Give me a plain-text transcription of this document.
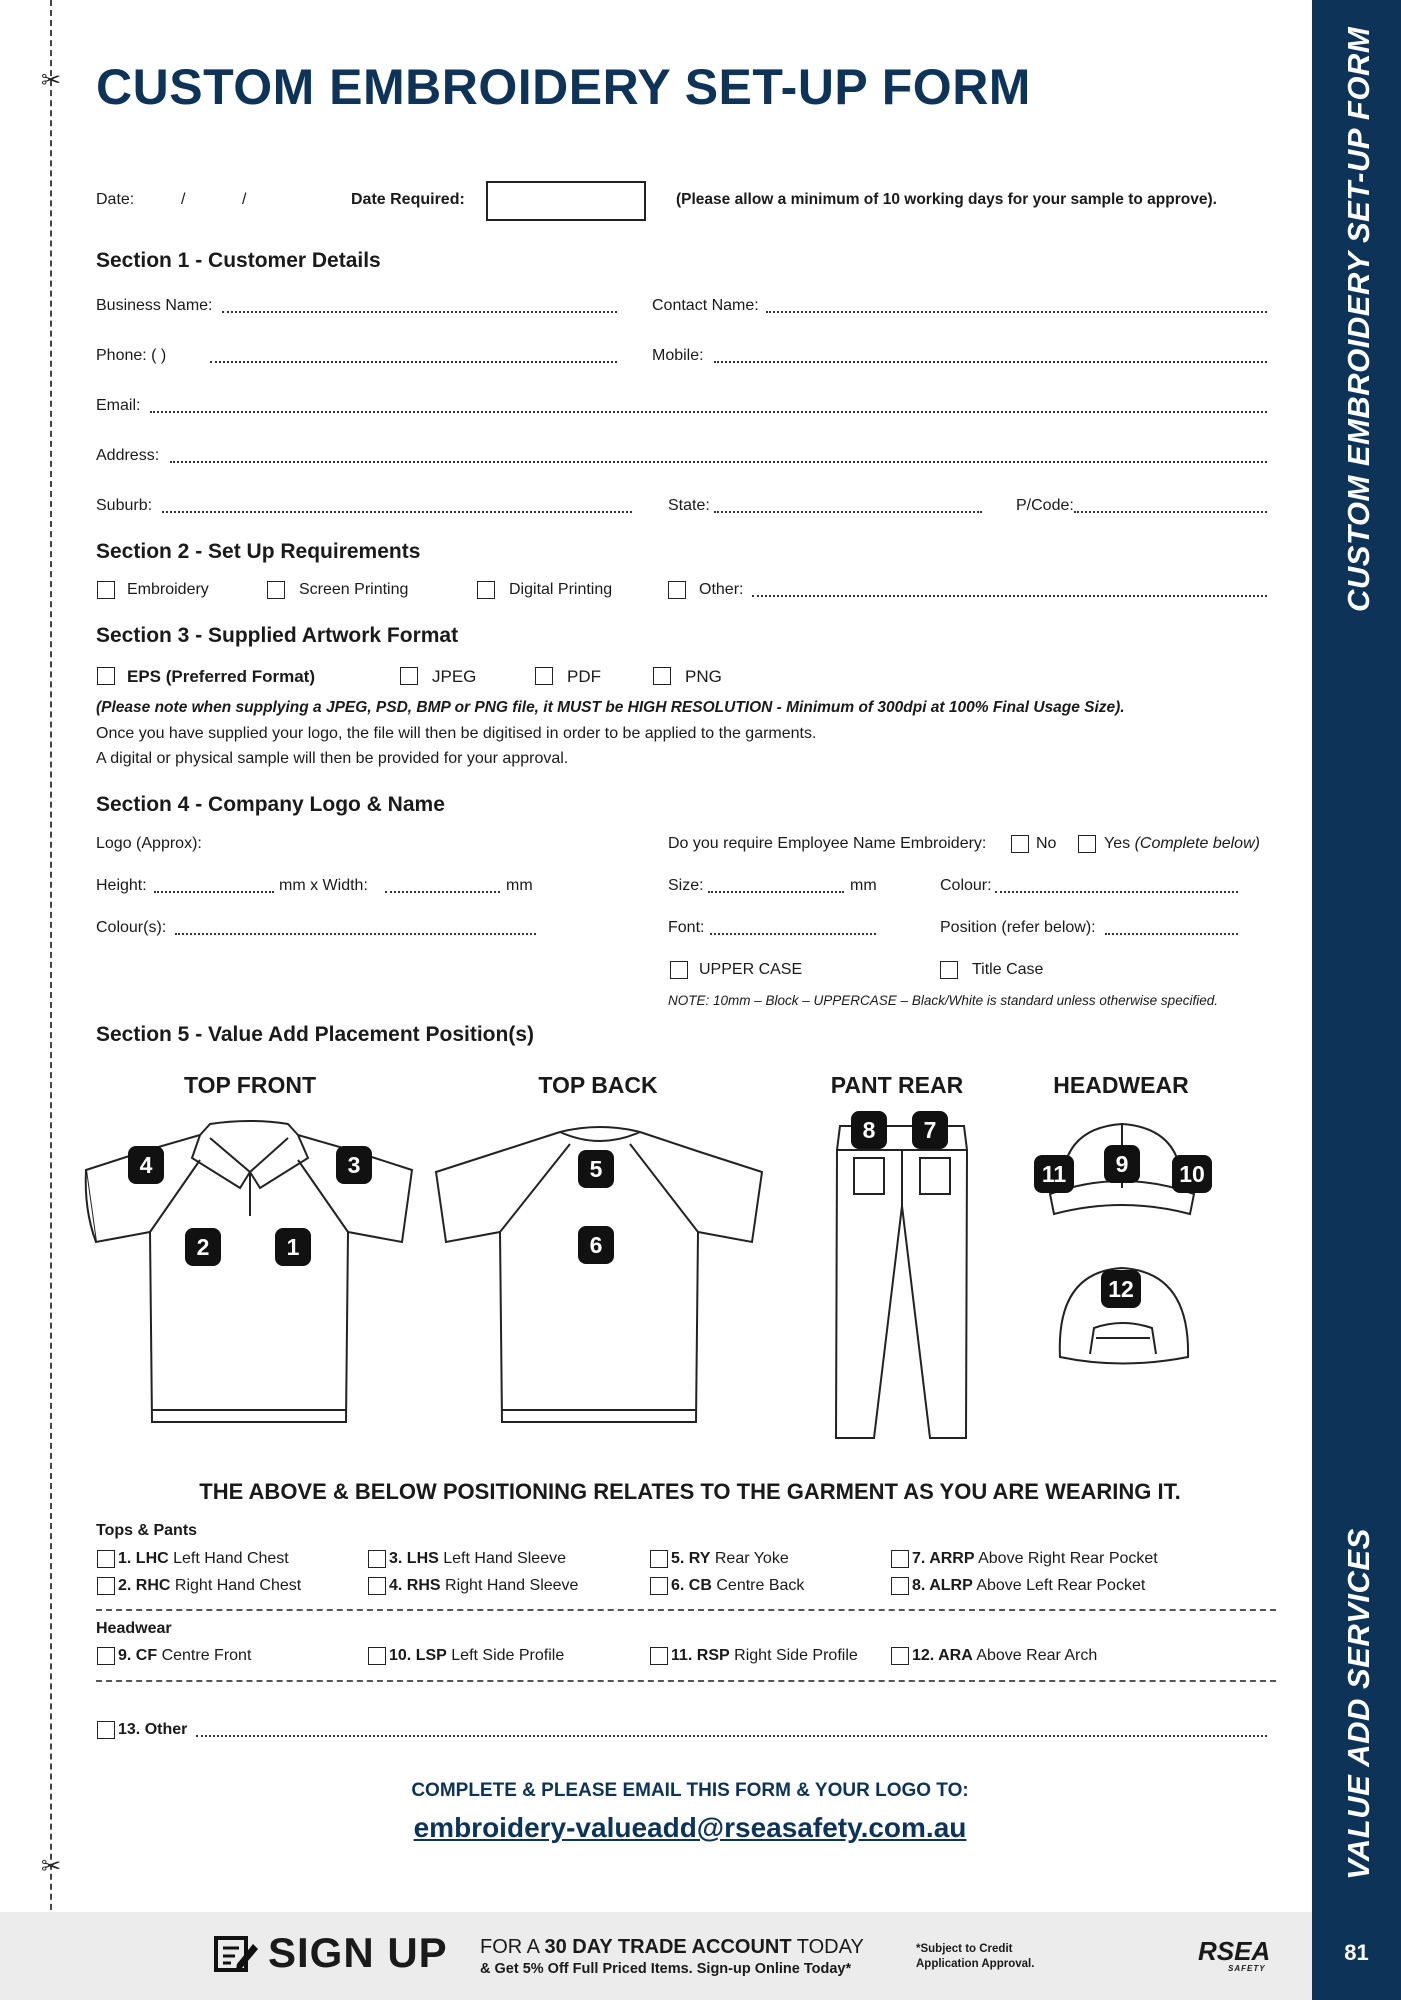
CUSTOM EMBROIDERY SET-UP FORM
VALUE ADD SERVICES
81
✂
✂
CUSTOM EMBROIDERY SET-UP FORM
Date:	/	/	Date Required:	(Please allow a minimum of 10 working days for your sample to approve).
Section 1 - Customer Details
Business Name:	Contact Name:
Phone: ( )	Mobile:
Email:
Address:
Suburb:	State:	P/Code:
Section 2 - Set Up Requirements
Embroidery	Screen Printing	Digital Printing	Other:
Section 3 - Supplied Artwork Format
EPS (Preferred Format)	JPEG	PDF	PNG
(Please note when supplying a JPEG, PSD, BMP or PNG file, it MUST be HIGH RESOLUTION - Minimum of 300dpi at 100% Final Usage Size).
Once you have supplied your logo, the file will then be digitised in order to be applied to the garments.
A digital or physical sample will then be provided for your approval.
Section 4 - Company Logo & Name
Logo (Approx):	Do you require Employee Name Embroidery:	No	Yes (Complete below)
Height:	mm x Width:	mm	Size:	mm	Colour:
Colour(s):	Font:	Position (refer below):
UPPER CASE	Title Case
NOTE: 10mm – Block – UPPERCASE – Black/White is standard unless otherwise specified.
Section 5 - Value Add Placement Position(s)
TOP FRONT	TOP BACK	PANT REAR	HEADWEAR
1
2
3
4	5
6
7
8
9	10
11
12
THE ABOVE & BELOW POSITIONING RELATES TO THE GARMENT AS YOU ARE WEARING IT.
Tops & Pants
1. LHC Left Hand Chest	3. LHS Left Hand Sleeve	5. RY Rear Yoke	7. ARRP Above Right Rear Pocket
2. RHC Right Hand Chest	4. RHS Right Hand Sleeve	6. CB Centre Back	8. ALRP Above Left Rear Pocket
Headwear
9. CF Centre Front	10. LSP Left Side Profile	11. RSP Right Side Profile	12. ARA Above Rear Arch
13. Other
COMPLETE & PLEASE EMAIL THIS FORM & YOUR LOGO TO:
embroidery-valueadd@rseasafety.com.au
SIGN UP FOR A 30 DAY TRADE ACCOUNT TODAY
& Get 5% Off Full Priced Items. Sign-up Online Today*
*Subject to Credit Application Approval.	RSEA
SAFETY
